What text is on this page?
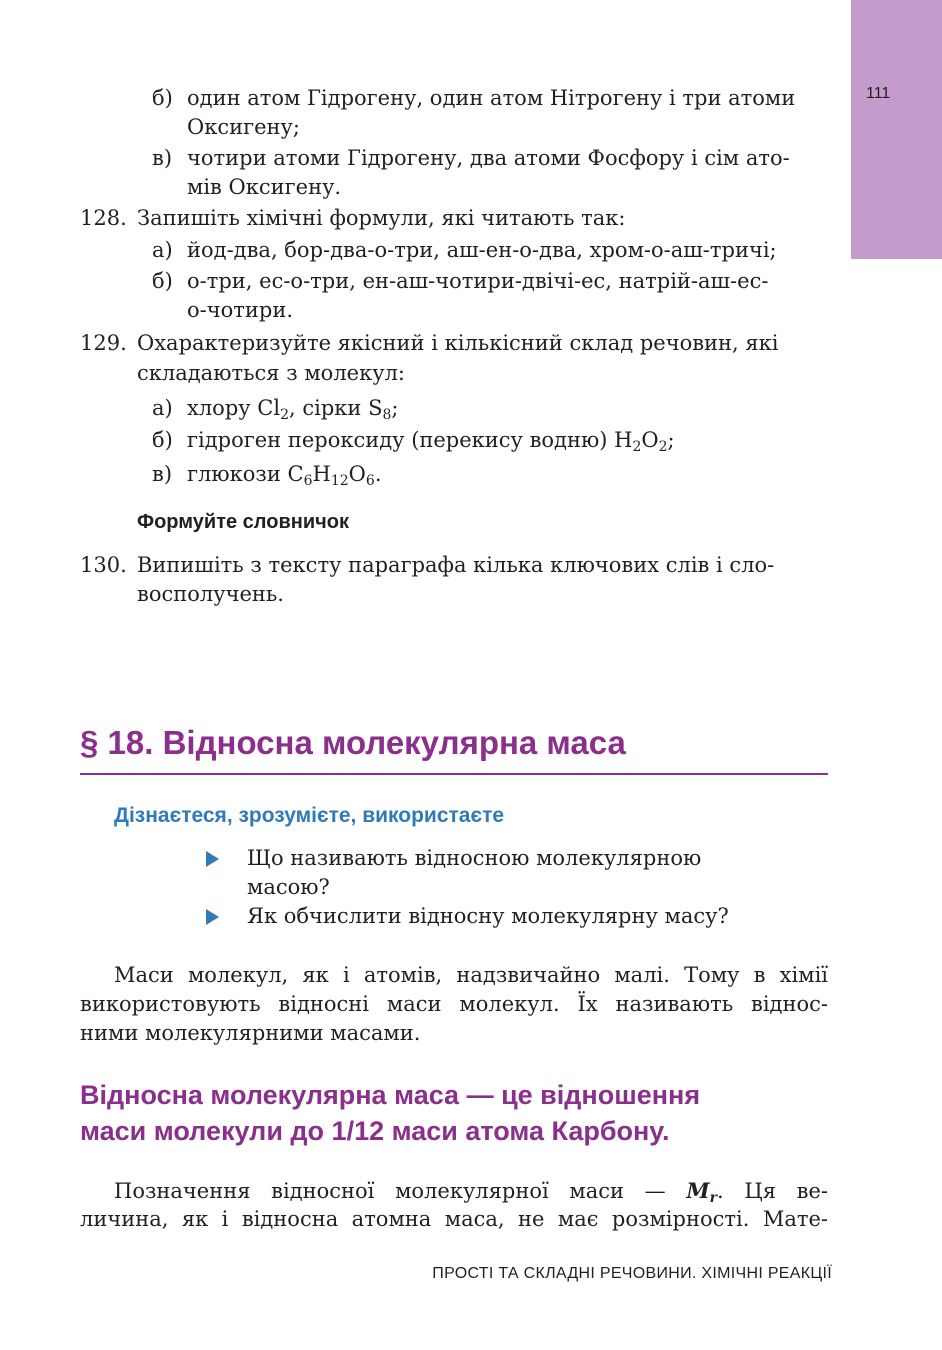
111
б) один атом Гідрогену, один атом Нітрогену і три атоми
Оксигену;
в) чотири атоми Гідрогену, два атоми Фосфору і сім ато-
мів Оксигену.
128. Запишіть хімічні формули, які читають так:
а) йод-два, бор-два-о-три, аш-ен-о-два, хром-о-аш-тричі;
б) о-три, ес-о-три, ен-аш-чотири-двічі-ес, натрій-аш-ес-
о-чотири.
129. Охарактеризуйте якісний і кількісний склад речовин, які
складаються з молекул:
а) хлору $Cl_2$, сірки $S_8$;
б) гідроген пероксиду (перекису водню) $H_2O_2$;
в) глюкози $C_6H_{12}O_6$.
Формуйте словничок
130. Випишіть з тексту параграфа кілька ключових слів і сло-
восполучень.
§ 18. Відносна молекулярна маса
Дізнаєтеся, зрозумієте, використаєте
Що називають відносною молекулярною
масою?
Як обчислити відносну молекулярну масу?
Маси молекул, як і атомів, надзвичайно малі. Тому в хімії
використовують відносні маси молекул. Їх називають віднос-
ними молекулярними масами.
Відносна молекулярна маса — це відношення
маси молекули до 1/12 маси атома Карбону.
Позначення відносної молекулярної маси — $M_r$. Ця ве-
личина, як і відносна атомна маса, не має розмірності. Мате-
ПРОСТІ ТА СКЛАДНІ РЕЧОВИНИ. ХІМІЧНІ РЕАКЦІЇ
